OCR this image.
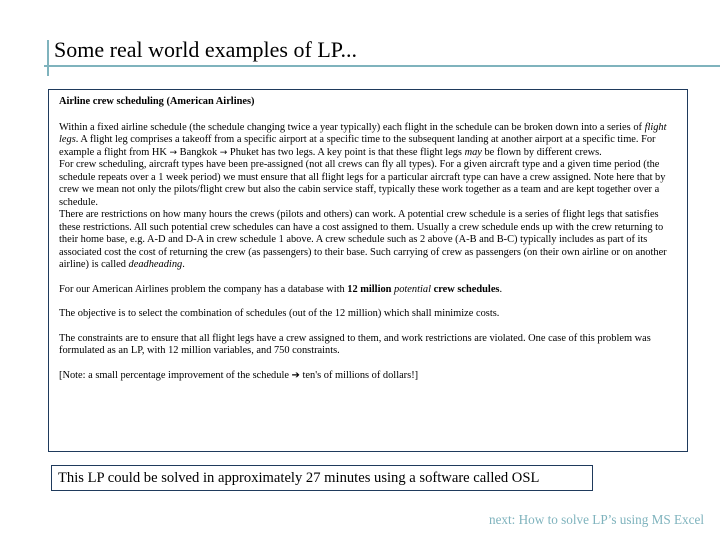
Some real world examples of LP...

Airline crew scheduling (American Airlines)

Within a fixed airline schedule (the schedule changing twice a year typically) each flight in the schedule can be broken down into a series of flight legs. A flight leg comprises a takeoff from a specific airport at a specific time to the subsequent landing at another airport at a specific time. For example a flight from HK → Bangkok → Phuket has two legs. A key point is that these flight legs may be flown by different crews.

For crew scheduling, aircraft types have been pre-assigned (not all crews can fly all types). For a given aircraft type and a given time period (the schedule repeats over a 1 week period) we must ensure that all flight legs for a particular aircraft type can have a crew assigned. Note here that by crew we mean not only the pilots/flight crew but also the cabin service staff, typically these work together as a team and are kept together over a schedule.

There are restrictions on how many hours the crews (pilots and others) can work. A potential crew schedule is a series of flight legs that satisfies these restrictions. All such potential crew schedules can have a cost assigned to them. Usually a crew schedule ends up with the crew returning to their home base, e.g. A-D and D-A in crew schedule 1 above. A crew schedule such as 2 above (A-B and B-C) typically includes as part of its associated cost the cost of returning the crew (as passengers) to their base. Such carrying of crew as passengers (on their own airline or on another airline) is called deadheading.

For our American Airlines problem the company has a database with 12 million potential crew schedules.

The objective is to select the combination of schedules (out of the 12 million) which shall minimize costs.

The constraints are to ensure that all flight legs have a crew assigned to them, and work restrictions are violated. One case of this problem was formulated as an LP, with 12 million variables, and 750 constraints.

[Note: a small percentage improvement of the schedule ➔ ten's of millions of dollars!]

This LP could be solved in approximately 27 minutes using a software called OSL
next: How to solve LP’s using MS Excel
